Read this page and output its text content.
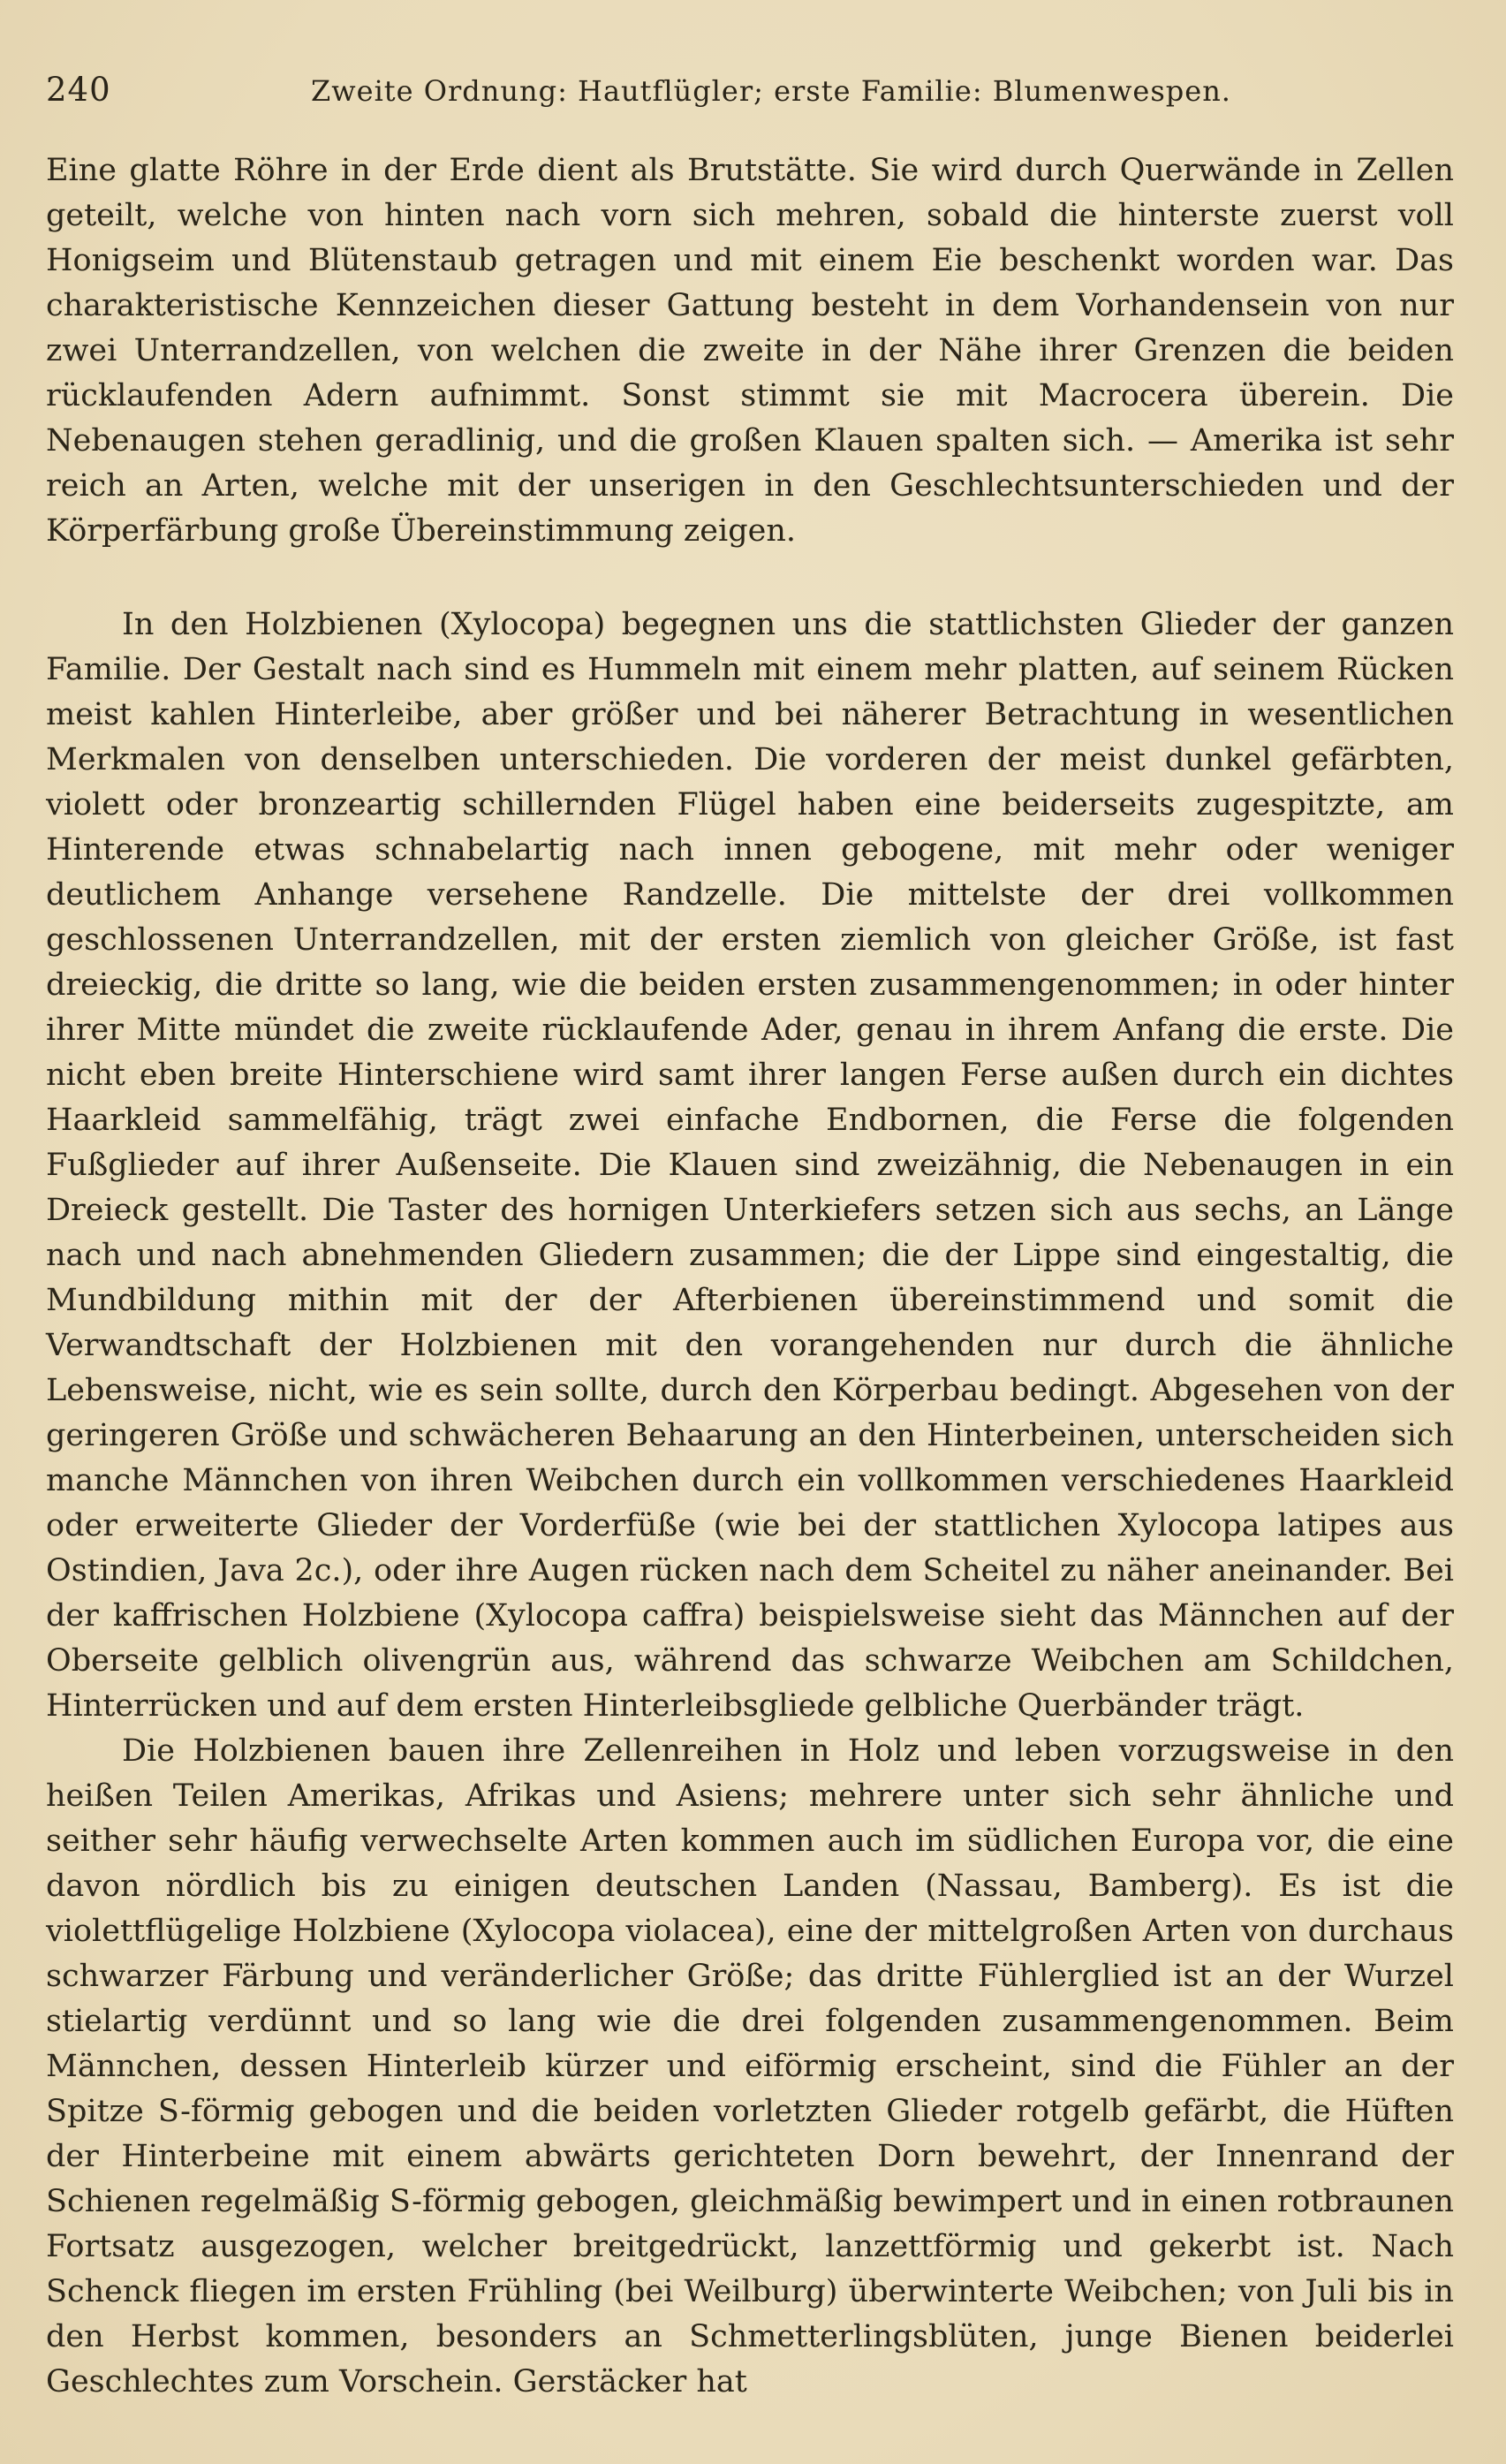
240	Zweite Ordnung: Hautflügler; erste Familie: Blumenwespen.

Eine glatte Röhre in der Erde dient als Brutstätte. Sie wird durch Querwände in Zellen geteilt, welche von hinten nach vorn sich mehren, sobald die hinterste zuerst voll Honigseim und Blütenstaub getragen und mit einem Eie beschenkt worden war. Das charakteristische Kennzeichen dieser Gattung besteht in dem Vorhandensein von nur zwei Unterrandzellen, von welchen die zweite in der Nähe ihrer Grenzen die beiden rücklaufenden Adern aufnimmt. Sonst stimmt sie mit Macrocera überein. Die Nebenaugen stehen geradlinig, und die großen Klauen spalten sich. — Amerika ist sehr reich an Arten, welche mit der unserigen in den Geschlechtsunterschieden und der Körperfärbung große Übereinstimmung zeigen.

In den Holzbienen (Xylocopa) begegnen uns die stattlichsten Glieder der ganzen Familie. Der Gestalt nach sind es Hummeln mit einem mehr platten, auf seinem Rücken meist kahlen Hinterleibe, aber größer und bei näherer Betrachtung in wesentlichen Merkmalen von denselben unterschieden. Die vorderen der meist dunkel gefärbten, violett oder bronzeartig schillernden Flügel haben eine beiderseits zugespitzte, am Hinterende etwas schnabelartig nach innen gebogene, mit mehr oder weniger deutlichem Anhange versehene Randzelle. Die mittelste der drei vollkommen geschlossenen Unterrandzellen, mit der ersten ziemlich von gleicher Größe, ist fast dreieckig, die dritte so lang, wie die beiden ersten zusammengenommen; in oder hinter ihrer Mitte mündet die zweite rücklaufende Ader, genau in ihrem Anfang die erste. Die nicht eben breite Hinterschiene wird samt ihrer langen Ferse außen durch ein dichtes Haarkleid sammelfähig, trägt zwei einfache Endbornen, die Ferse die folgenden Fußglieder auf ihrer Außenseite. Die Klauen sind zweizähnig, die Nebenaugen in ein Dreieck gestellt. Die Taster des hornigen Unterkiefers setzen sich aus sechs, an Länge nach und nach abnehmenden Gliedern zusammen; die der Lippe sind eingestaltig, die Mundbildung mithin mit der der Afterbienen übereinstimmend und somit die Verwandtschaft der Holzbienen mit den vorangehenden nur durch die ähnliche Lebensweise, nicht, wie es sein sollte, durch den Körperbau bedingt. Abgesehen von der geringeren Größe und schwächeren Behaarung an den Hinterbeinen, unterscheiden sich manche Männchen von ihren Weibchen durch ein vollkommen verschiedenes Haarkleid oder erweiterte Glieder der Vorderfüße (wie bei der stattlichen Xylocopa latipes aus Ostindien, Java 2c.), oder ihre Augen rücken nach dem Scheitel zu näher aneinander. Bei der kaffrischen Holzbiene (Xylocopa caffra) beispielsweise sieht das Männchen auf der Oberseite gelblich olivengrün aus, während das schwarze Weibchen am Schildchen, Hinterrücken und auf dem ersten Hinterleibsgliede gelbliche Querbänder trägt.

Die Holzbienen bauen ihre Zellenreihen in Holz und leben vorzugsweise in den heißen Teilen Amerikas, Afrikas und Asiens; mehrere unter sich sehr ähnliche und seither sehr häufig verwechselte Arten kommen auch im südlichen Europa vor, die eine davon nördlich bis zu einigen deutschen Landen (Nassau, Bamberg). Es ist die violettflügelige Holzbiene (Xylocopa violacea), eine der mittelgroßen Arten von durchaus schwarzer Färbung und veränderlicher Größe; das dritte Fühlerglied ist an der Wurzel stielartig verdünnt und so lang wie die drei folgenden zusammengenommen. Beim Männchen, dessen Hinterleib kürzer und eiförmig erscheint, sind die Fühler an der Spitze S-förmig gebogen und die beiden vorletzten Glieder rotgelb gefärbt, die Hüften der Hinterbeine mit einem abwärts gerichteten Dorn bewehrt, der Innenrand der Schienen regelmäßig S-förmig gebogen, gleichmäßig bewimpert und in einen rotbraunen Fortsatz ausgezogen, welcher breitgedrückt, lanzettförmig und gekerbt ist. Nach Schenck fliegen im ersten Frühling (bei Weilburg) überwinterte Weibchen; von Juli bis in den Herbst kommen, besonders an Schmetterlingsblüten, junge Bienen beiderlei Geschlechtes zum Vorschein. Gerstäcker hat
